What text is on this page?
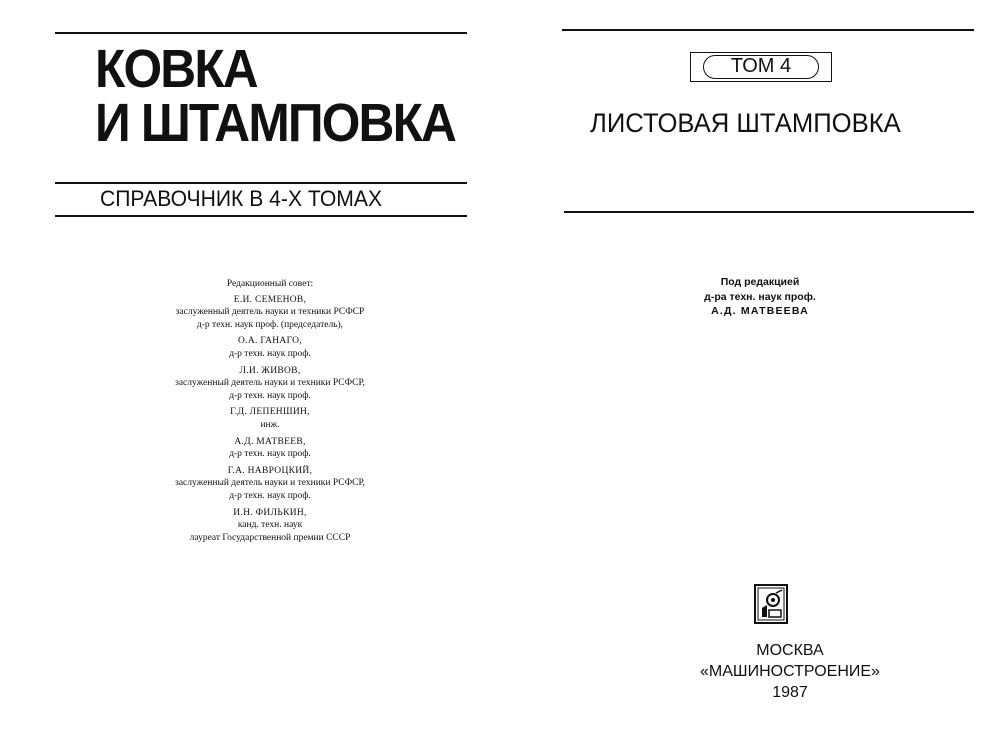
КОВКА
И ШТАМПОВКА
СПРАВОЧНИК В 4-Х ТОМАХ
Редакционный совет:
Е.И. СЕМЕНОВ,
заслуженный деятель науки и техники РСФСР
д-р техн. наук проф. (председатель),
О.А. ГАНАГО,
д-р техн. наук проф.
Л.И. ЖИВОВ,
заслуженный деятель науки и техники РСФСР,
д-р техн. наук проф.
Г.Д. ЛЕПЕНШИН,
инж.
А.Д. МАТВЕЕВ,
д-р техн. наук проф.
Г.А. НАВРОЦКИЙ,
заслуженный деятель науки и техники РСФСР,
д-р техн. наук проф.
И.Н. ФИЛЬКИН,
канд. техн. наук
лауреат Государственной премии СССР
ТОМ 4
ЛИСТОВАЯ ШТАМПОВКА
Под редакцией
д-ра техн. наук проф.
А.Д. МАТВЕЕВА
МОСКВА
«МАШИНОСТРОЕНИЕ»
1987
